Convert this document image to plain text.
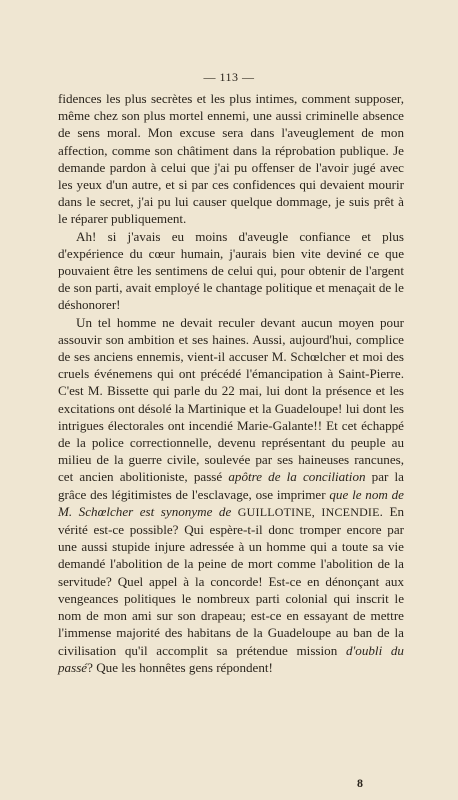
— 113 —

fidences les plus secrètes et les plus intimes, comment supposer, même chez son plus mortel ennemi, une aussi criminelle absence de sens moral. Mon excuse sera dans l'aveuglement de mon affection, comme son châtiment dans la réprobation publique. Je demande pardon à celui que j'ai pu offenser de l'avoir jugé avec les yeux d'un autre, et si par ces confidences qui devaient mourir dans le secret, j'ai pu lui causer quelque dommage, je suis prêt à le réparer publiquement.

Ah! si j'avais eu moins d'aveugle confiance et plus d'expérience du cœur humain, j'aurais bien vite deviné ce que pouvaient être les sentimens de celui qui, pour obtenir de l'argent de son parti, avait employé le chantage politique et menaçait de le déshonorer!

Un tel homme ne devait reculer devant aucun moyen pour assouvir son ambition et ses haines. Aussi, aujourd'hui, complice de ses anciens ennemis, vient-il accuser M. Schœlcher et moi des cruels événemens qui ont précédé l'émancipation à Saint-Pierre. C'est M. Bissette qui parle du 22 mai, lui dont la présence et les excitations ont désolé la Martinique et la Guadeloupe! lui dont les intrigues électorales ont incendié Marie-Galante!! Et cet échappé de la police correctionnelle, devenu représentant du peuple au milieu de la guerre civile, soulevée par ses haineuses rancunes, cet ancien abolitioniste, passé apôtre de la conciliation par la grâce des légitimistes de l'esclavage, ose imprimer que le nom de M. Schœlcher est synonyme de GUILLOTINE, INCENDIE. En vérité est-ce possible? Qui espère-t-il donc tromper encore par une aussi stupide injure adressée à un homme qui a toute sa vie demandé l'abolition de la peine de mort comme l'abolition de la servitude? Quel appel à la concorde! Est-ce en dénonçant aux vengeances politiques le nombreux parti colonial qui inscrit le nom de mon ami sur son drapeau; est-ce en essayant de mettre l'immense majorité des habitans de la Guadeloupe au ban de la civilisation qu'il accomplit sa prétendue mission d'oubli du passé? Que les honnêtes gens répondent!

8
